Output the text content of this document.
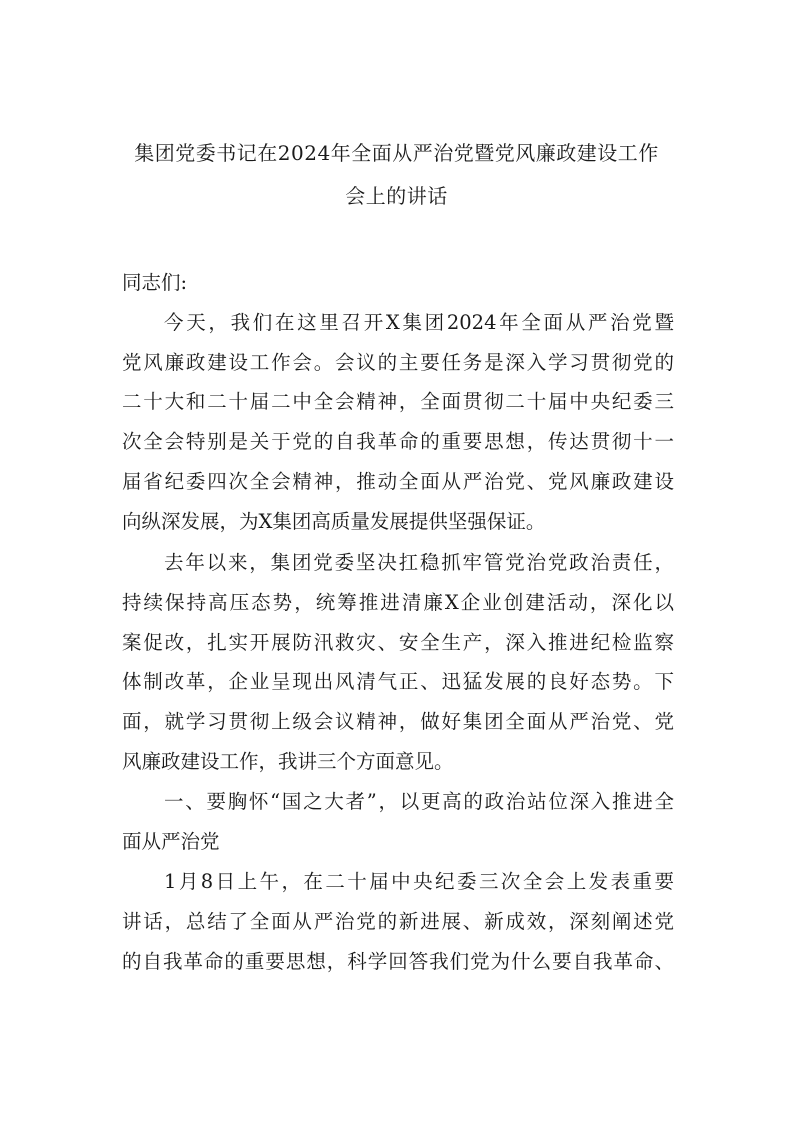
集团党委书记在2024年全面从严治党暨党风廉政建设工作
会上的讲话

同志们:

今天，我们在这里召开X集团2024年全面从严治党暨

党风廉政建设工作会。会议的主要任务是深入学习贯彻党的

二十大和二十届二中全会精神，全面贯彻二十届中央纪委三

次全会特别是关于党的自我革命的重要思想，传达贯彻十一

届省纪委四次全会精神，推动全面从严治党、党风廉政建设

向纵深发展，为X集团高质量发展提供坚强保证。

去年以来，集团党委坚决扛稳抓牢管党治党政治责任，

持续保持高压态势，统筹推进清廉X企业创建活动，深化以

案促改，扎实开展防汛救灾、安全生产，深入推进纪检监察

体制改革，企业呈现出风清气正、迅猛发展的良好态势。下

面，就学习贯彻上级会议精神，做好集团全面从严治党、党

风廉政建设工作，我讲三个方面意见。

一、要胸怀“国之大者”，以更高的政治站位深入推进全

面从严治党

1月8日上午，在二十届中央纪委三次全会上发表重要

讲话，总结了全面从严治党的新进展、新成效，深刻阐述党

的自我革命的重要思想，科学回答我们党为什么要自我革命、
